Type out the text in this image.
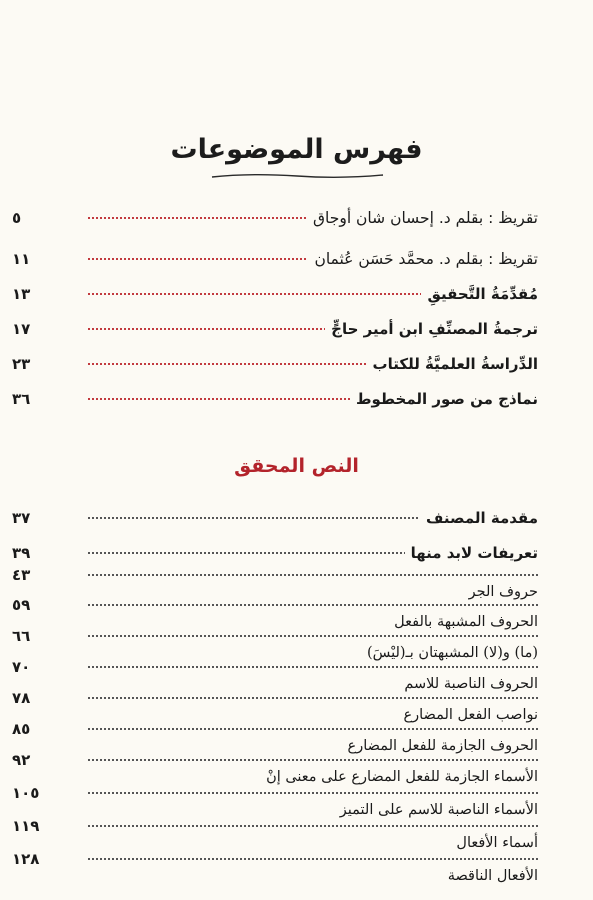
فهرس الموضوعات
تقريظ : بقلم د. إحسان شان أوجاق
٥
تقريظ : بقلم د. محمَّد حَسَن عُثمان
١١
مُقدِّمَةُ التَّحقيقِ
١٣
ترجمةُ المصنِّفِ ابن أمير حاجٍّ
١٧
الدِّراسةُ العلميَّةُ للكتاب
٢٣
نماذج من صور المخطوط
٣٦
النص المحقق
مقدمة المصنف
٣٧
تعريفات لابد منها
٣٩
حروف الجر
٤٣
الحروف المشبهة بالفعل
٥٩
(ما) و(لا) المشبهتان بـ(ليْسَ)
٦٦
الحروف الناصبة للاسم
٧٠
نواصب الفعل المضارع
٧٨
الحروف الجازمة للفعل المضارع
٨٥
الأسماء الجازمة للفعل المضارع على معنى إنْ
٩٢
الأسماء الناصبة للاسم على التميز
١٠٥
أسماء الأفعال
١١٩
الأفعال الناقصة
١٢٨
